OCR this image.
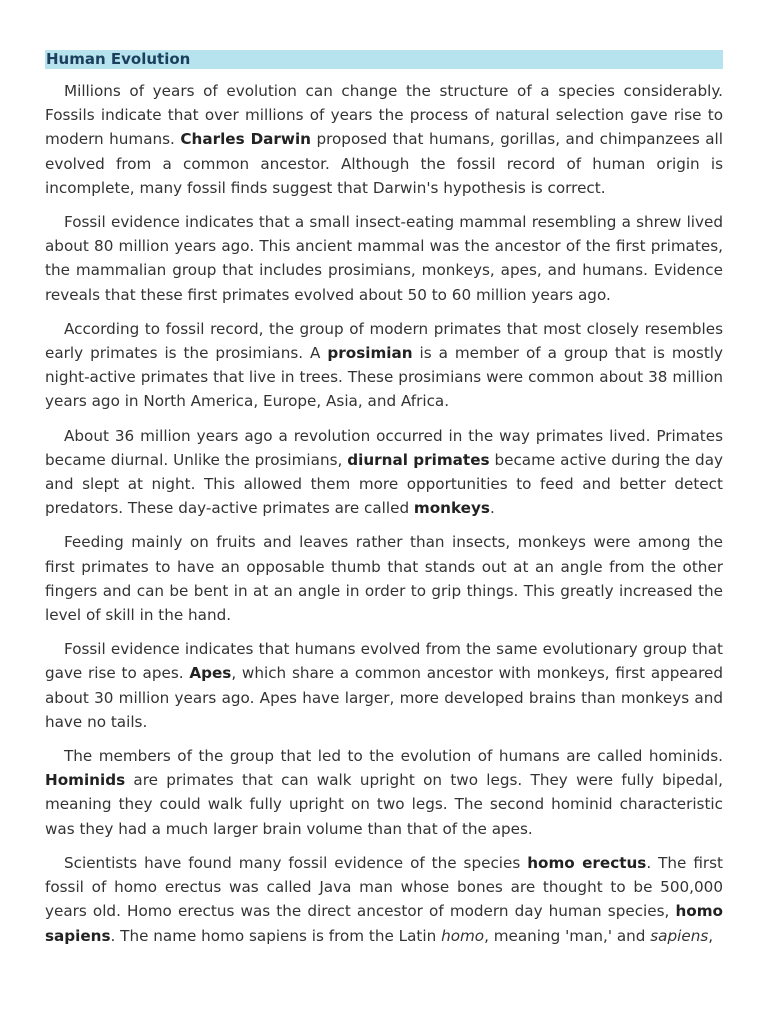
Human Evolution

Millions of years of evolution can change the structure of a species considerably. Fossils indicate that over millions of years the process of natural selection gave rise to modern humans. Charles Darwin proposed that humans, gorillas, and chimpanzees all evolved from a common ancestor. Although the fossil record of human origin is incomplete, many fossil finds suggest that Darwin's hypothesis is correct.

Fossil evidence indicates that a small insect-eating mammal resembling a shrew lived about 80 million years ago. This ancient mammal was the ancestor of the first primates, the mammalian group that includes prosimians, monkeys, apes, and humans. Evidence reveals that these first primates evolved about 50 to 60 million years ago.

According to fossil record, the group of modern primates that most closely resembles early primates is the prosimians. A prosimian is a member of a group that is mostly night-active primates that live in trees. These prosimians were common about 38 million years ago in North America, Europe, Asia, and Africa.

About 36 million years ago a revolution occurred in the way primates lived. Primates became diurnal. Unlike the prosimians, diurnal primates became active during the day and slept at night. This allowed them more opportunities to feed and better detect predators. These day-active primates are called monkeys.

Feeding mainly on fruits and leaves rather than insects, monkeys were among the first primates to have an opposable thumb that stands out at an angle from the other fingers and can be bent in at an angle in order to grip things. This greatly increased the level of skill in the hand.

Fossil evidence indicates that humans evolved from the same evolutionary group that gave rise to apes. Apes, which share a common ancestor with monkeys, first appeared about 30 million years ago. Apes have larger, more developed brains than monkeys and have no tails.

The members of the group that led to the evolution of humans are called hominids. Hominids are primates that can walk upright on two legs. They were fully bipedal, meaning they could walk fully upright on two legs. The second hominid characteristic was they had a much larger brain volume than that of the apes.

Scientists have found many fossil evidence of the species homo erectus. The first fossil of homo erectus was called Java man whose bones are thought to be 500,000 years old. Homo erectus was the direct ancestor of modern day human species, homo sapiens. The name homo sapiens is from the Latin homo, meaning 'man,' and sapiens,
